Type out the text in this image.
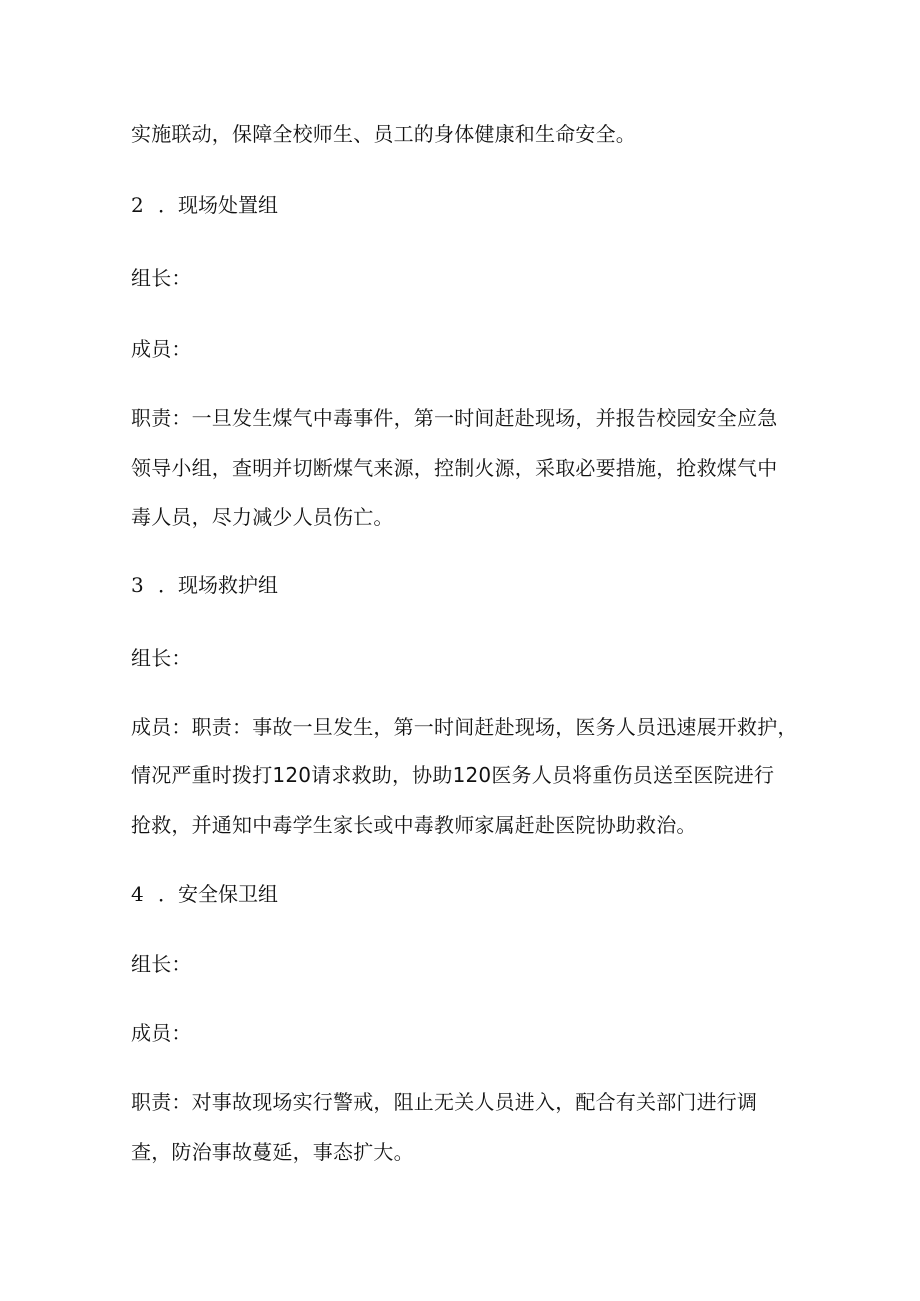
实施联动，保障全校师生、员工的身体健康和生命安全。
2 ．现场处置组
组长：
成员：
职责：一旦发生煤气中毒事件，第一时间赶赴现场，并报告校园安全应急
领导小组，查明并切断煤气来源，控制火源，采取必要措施，抢救煤气中
毒人员，尽力减少人员伤亡。
3 ．现场救护组
组长：
成员：职责：事故一旦发生，第一时间赶赴现场，医务人员迅速展开救护，
情况严重时拨打120请求救助，协助120医务人员将重伤员送至医院进行
抢救，并通知中毒学生家长或中毒教师家属赶赴医院协助救治。
4 ．安全保卫组
组长：
成员：
职责：对事故现场实行警戒，阻止无关人员进入，配合有关部门进行调
查，防治事故蔓延，事态扩大。
